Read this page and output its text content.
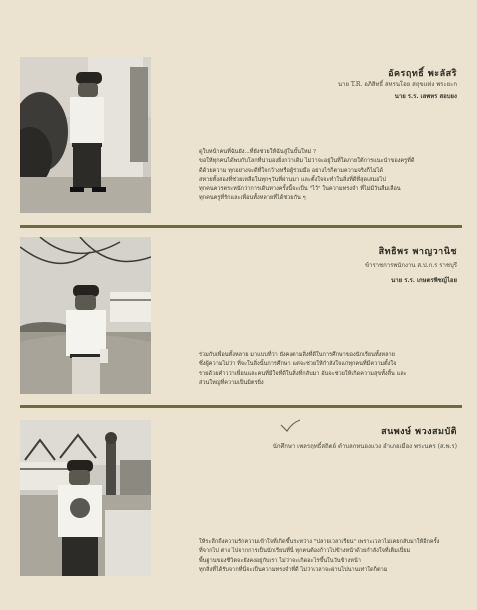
อัครฤทธิ์ พะลัสริ
นาย T.R. อภิสิทธิ์ สหรนโอย สถุขแห่ง พระยะก
นาย ร.ร. เลพทร สอบยง

ดูใบหน้าคนที่ฉันยัง...ที่ยังช่วยให้ฉันสู่ในบั้นใหม่ ?

ขอให้ทุกคนได้พบกับโลกที่น่ามองยิ่งกว่าเดิม ไม่ว่าจะอยู่ในที่ใดภายใต้การแนะนำของครูที่ดี

ดีด้วยความ ทุกอย่างจะดีที่ใจกว้างหรือผู้ร่วมมือ อย่างไรก็ตามความจริงก็ไม่ได้

สหายทั้งสองที่ช่วยเหลือในทุกๆวันที่ผ่านมา และตั้งใจจะทำในสิ่งที่ดีที่สุดเสมอไป

ทุกคนควรตระหนักว่าการเดินทางครั้งนี้จะเป็น "ไว้" ในความทรงจำ ที่ไม่มีวันลืมเลือน

ทุกคนครูที่รักและเพื่อนทั้งหลายที่ได้ช่วยกัน ๆ

สิทธิพร พาญวานิช
ข้าราชการพนักงาน ส.ป.ก.ร ราชบุรี
นาย ร.ร. เกษตรพิชญ์ไอย

ร่วมกับเพื่อนทั้งหลาย มาแบบที่ว่า ยังคงตามสิ่งที่ดีในการศึกษาของนักเรียนทั้งหลาย

ซึ่งผู้ความไม่ว่า ที่จะในสิ่งนั้นการศึกษา แต่จะช่วยให้กำลังใจแก่ทุกคนที่มีความตั้งใจ

รายด้วยคำวว่าเพื่อนและคนที่มีใจที่ดีในสิ่งที่กลับมา อันจะช่วยให้เกิดความสุขทั้งสิ้น และ

ส่วนใหญ่ที่ความเป็นมิตรยิ่ง

สนพงษ์ พวงสมบัติ
นักศึกษา เพลรฤทธิ์สถิตย์ ตำบลกหนองแวง อำเภอเมือง พระนคร (ส.พ.ร)

ให้ระลึกถึงความรักความเข้าใจที่เกิดขึ้นระหว่าง "ปลายเวลาเรียน" เพราะเวลาไม่เคยกลับมาให้อีกครั้ง

ที่จากไป ต่าง ไปจากการเป็นนักเรียนที่นี่ ทุกคนต้องก้าวไปข้างหน้าด้วยกำลังใจที่เต็มเปี่ยม

พื้นฐานของชีวิตจะยังคงอยู่กับเรา ไม่ว่าจะเกิดอะไรขึ้นในวันข้างหน้า

ทุกสิ่งที่ได้รับจากที่นี่จะเป็นความทรงจำที่ดี ไม่ว่าเวลาจะผ่านไปนานเท่าใดก็ตาม
